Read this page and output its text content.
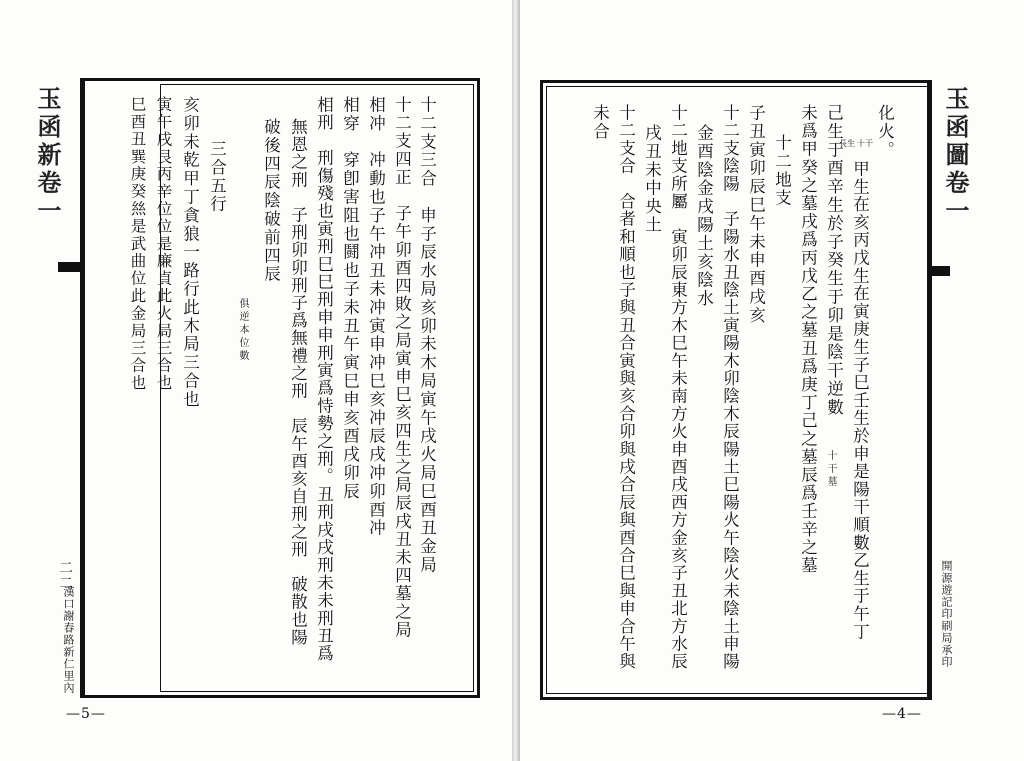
玉函新卷一
二二
漢口謝春路新仁里內
十二支三合　申子辰水局亥卯未木局寅午戌火局巳酉丑金局
十二支四正　子午卯酉四敗之局寅申巳亥四生之局辰戌丑未四墓之局
相冲　冲動也子午冲丑未冲寅申冲巳亥冲辰戌冲卯酉冲
相穿　穿卽害阻也鬪也子未丑午寅巳申亥酉戌卯辰
相刑　刑傷殘也寅刑巳巳刑申申刑寅爲恃勢之刑。丑刑戌戌刑未未刑丑爲
無恩之刑　子刑卯卯刑子爲無禮之刑　辰午酉亥自刑之刑　破散也陽
破後四辰陰破前四辰
俱逆本位數
三合五行
亥卯未乾甲丁貪狼一路行此木局三合也
寅午戌艮丙辛位位是廉貞此火局三合也
巳酉丑巽庚癸𢇁是武曲位此金局三合也
—5—
玉函圖卷一
開源遊記印刷局承印
化火。
十干
長生
甲生在亥丙戊生在寅庚生子巳壬生於申是陽干順數乙生于午丁
己生于酉辛生於子癸生于卯是陰干逆數
十干墓
未爲甲癸之墓戌爲丙戊乙之墓丑爲庚丁己之墓辰爲壬辛之墓
十二地支
子丑寅卯辰巳午未申酉戌亥
十二支陰陽　子陽水丑陰土寅陽木卯陰木辰陽土巳陽火午陰火未陰土申陽
金酉陰金戌陽土亥陰水
十二地支所屬　寅卯辰東方木巳午未南方火申酉戌西方金亥子丑北方水辰
戌丑未中央土
十二支合　合者和順也子與丑合寅與亥合卯與戌合辰與酉合巳與申合午與
未合
—4—
